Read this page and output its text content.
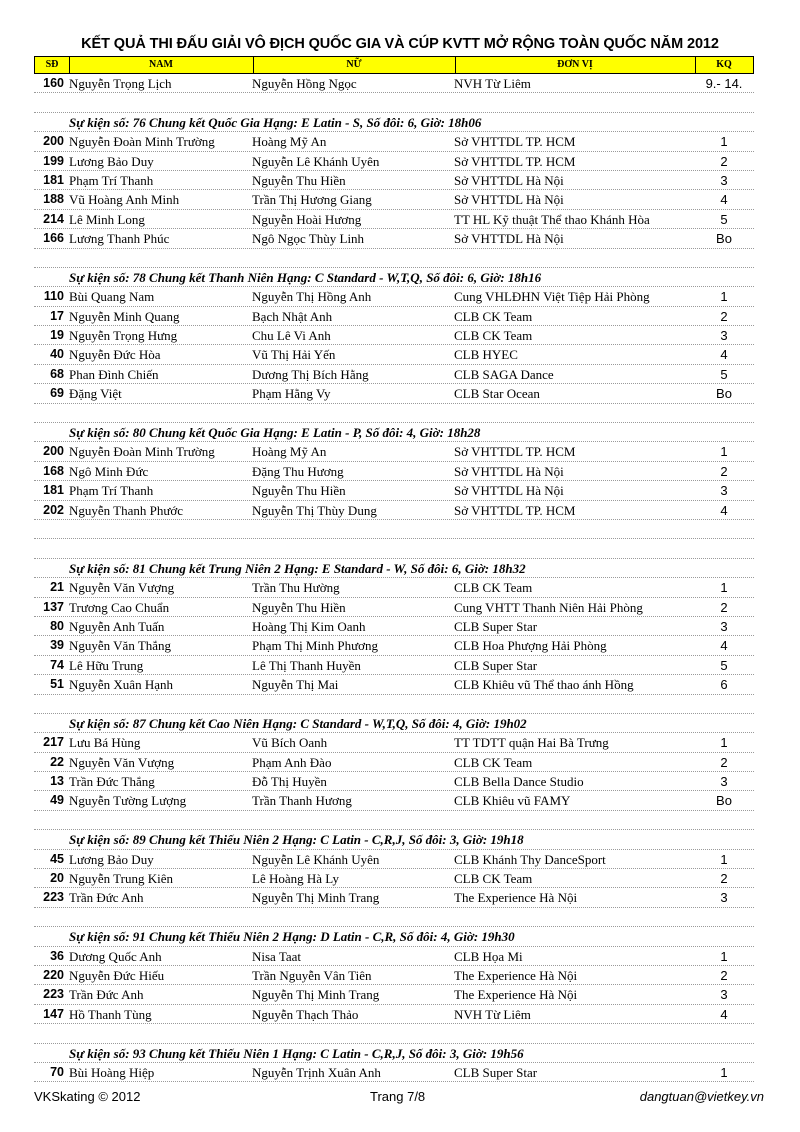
KẾT QUẢ THI ĐẤU GIẢI VÔ ĐỊCH QUỐC GIA VÀ CÚP KVTT MỞ RỘNG TOÀN QUỐC NĂM 2012
SĐ	NAM	NỮ	ĐƠN VỊ	KQ
160 Nguyễn Trọng Lịch	Nguyễn Hồng Ngọc	NVH Từ Liêm	9.- 14.
Sự kiện số: 76 Chung kết Quốc Gia Hạng: E Latin - S, Số đôi: 6, Giờ: 18h06
200 Nguyễn Đoàn Minh Trường	Hoàng Mỹ An	Sở VHTTDL TP. HCM	1
199 Lương Bảo Duy	Nguyễn Lê Khánh Uyên	Sở VHTTDL TP. HCM	2
181 Phạm Trí Thanh	Nguyễn Thu Hiền	Sở VHTTDL Hà Nội	3
188 Vũ Hoàng Anh Minh	Trần Thị Hương Giang	Sở VHTTDL Hà Nội	4
214 Lê Minh Long	Nguyễn Hoài Hương	TT HL Kỹ thuật Thể thao Khánh Hòa	5
166 Lương Thanh Phúc	Ngô Ngọc Thùy Linh	Sở VHTTDL Hà Nội	Bo
Sự kiện số: 78 Chung kết Thanh Niên Hạng: C Standard - W,T,Q, Số đôi: 6, Giờ: 18h16
110 Bùi Quang Nam	Nguyễn Thị Hồng Anh	Cung VHLĐHN Việt Tiệp Hải Phòng	1
17 Nguyễn Minh Quang	Bạch Nhật Anh	CLB CK Team	2
19 Nguyễn Trọng Hưng	Chu Lê Vi Anh	CLB CK Team	3
40 Nguyễn Đức Hòa	Vũ Thị Hải Yến	CLB HYEC	4
68 Phan Đình Chiến	Dương Thị Bích Hằng	CLB SAGA Dance	5
69 Đặng Việt	Phạm Hằng Vy	CLB Star Ocean	Bo
Sự kiện số: 80 Chung kết Quốc Gia Hạng: E Latin - P, Số đôi: 4, Giờ: 18h28
200 Nguyễn Đoàn Minh Trường	Hoàng Mỹ An	Sở VHTTDL TP. HCM	1
168 Ngô Minh Đức	Đặng Thu Hương	Sở VHTTDL Hà Nội	2
181 Phạm Trí Thanh	Nguyễn Thu Hiền	Sở VHTTDL Hà Nội	3
202 Nguyễn Thanh Phước	Nguyễn Thị Thùy Dung	Sở VHTTDL TP. HCM	4
Sự kiện số: 81 Chung kết Trung Niên 2 Hạng: E Standard - W, Số đôi: 6, Giờ: 18h32
21 Nguyễn Văn Vượng	Trần Thu Hường	CLB CK Team	1
137 Trương Cao Chuẩn	Nguyễn Thu Hiền	Cung VHTT Thanh Niên Hải Phòng	2
80 Nguyễn Anh Tuấn	Hoàng Thị Kim Oanh	CLB Super Star	3
39 Nguyễn Văn Thắng	Phạm Thị Minh Phương	CLB Hoa Phượng Hải Phòng	4
74 Lê Hữu Trung	Lê Thị Thanh Huyền	CLB Super Star	5
51 Nguyễn Xuân Hạnh	Nguyễn Thị Mai	CLB Khiêu vũ Thể thao ánh Hồng	6
Sự kiện số: 87 Chung kết Cao Niên Hạng: C Standard - W,T,Q, Số đôi: 4, Giờ: 19h02
217 Lưu Bá Hùng	Vũ Bích Oanh	TT TDTT quận Hai Bà Trưng	1
22 Nguyễn Văn Vượng	Phạm Anh Đào	CLB CK Team	2
13 Trần Đức Thắng	Đỗ Thị Huyền	CLB Bella Dance Studio	3
49 Nguyễn Tường Lượng	Trần Thanh Hương	CLB Khiêu vũ FAMY	Bo
Sự kiện số: 89 Chung kết Thiếu Niên 2 Hạng: C Latin - C,R,J, Số đôi: 3, Giờ: 19h18
45 Lương Bảo Duy	Nguyễn Lê Khánh Uyên	CLB Khánh Thy DanceSport	1
20 Nguyễn Trung Kiên	Lê Hoàng Hà Ly	CLB CK Team	2
223 Trần Đức Anh	Nguyễn Thị Minh Trang	The Experience Hà Nội	3
Sự kiện số: 91 Chung kết Thiếu Niên 2 Hạng: D Latin - C,R, Số đôi: 4, Giờ: 19h30
36 Dương Quốc Anh	Nisa Taat	CLB Họa Mi	1
220 Nguyễn Đức Hiếu	Trần Nguyễn Vân Tiên	The Experience Hà Nội	2
223 Trần Đức Anh	Nguyễn Thị Minh Trang	The Experience Hà Nội	3
147 Hồ Thanh Tùng	Nguyễn Thạch Thảo	NVH Từ Liêm	4
Sự kiện số: 93 Chung kết Thiếu Niên 1 Hạng: C Latin - C,R,J, Số đôi: 3, Giờ: 19h56
70 Bùi Hoàng Hiệp	Nguyễn Trịnh Xuân Anh	CLB Super Star	1
VKSkating © 2012	Trang 7/8	dangtuan@vietkey.vn
